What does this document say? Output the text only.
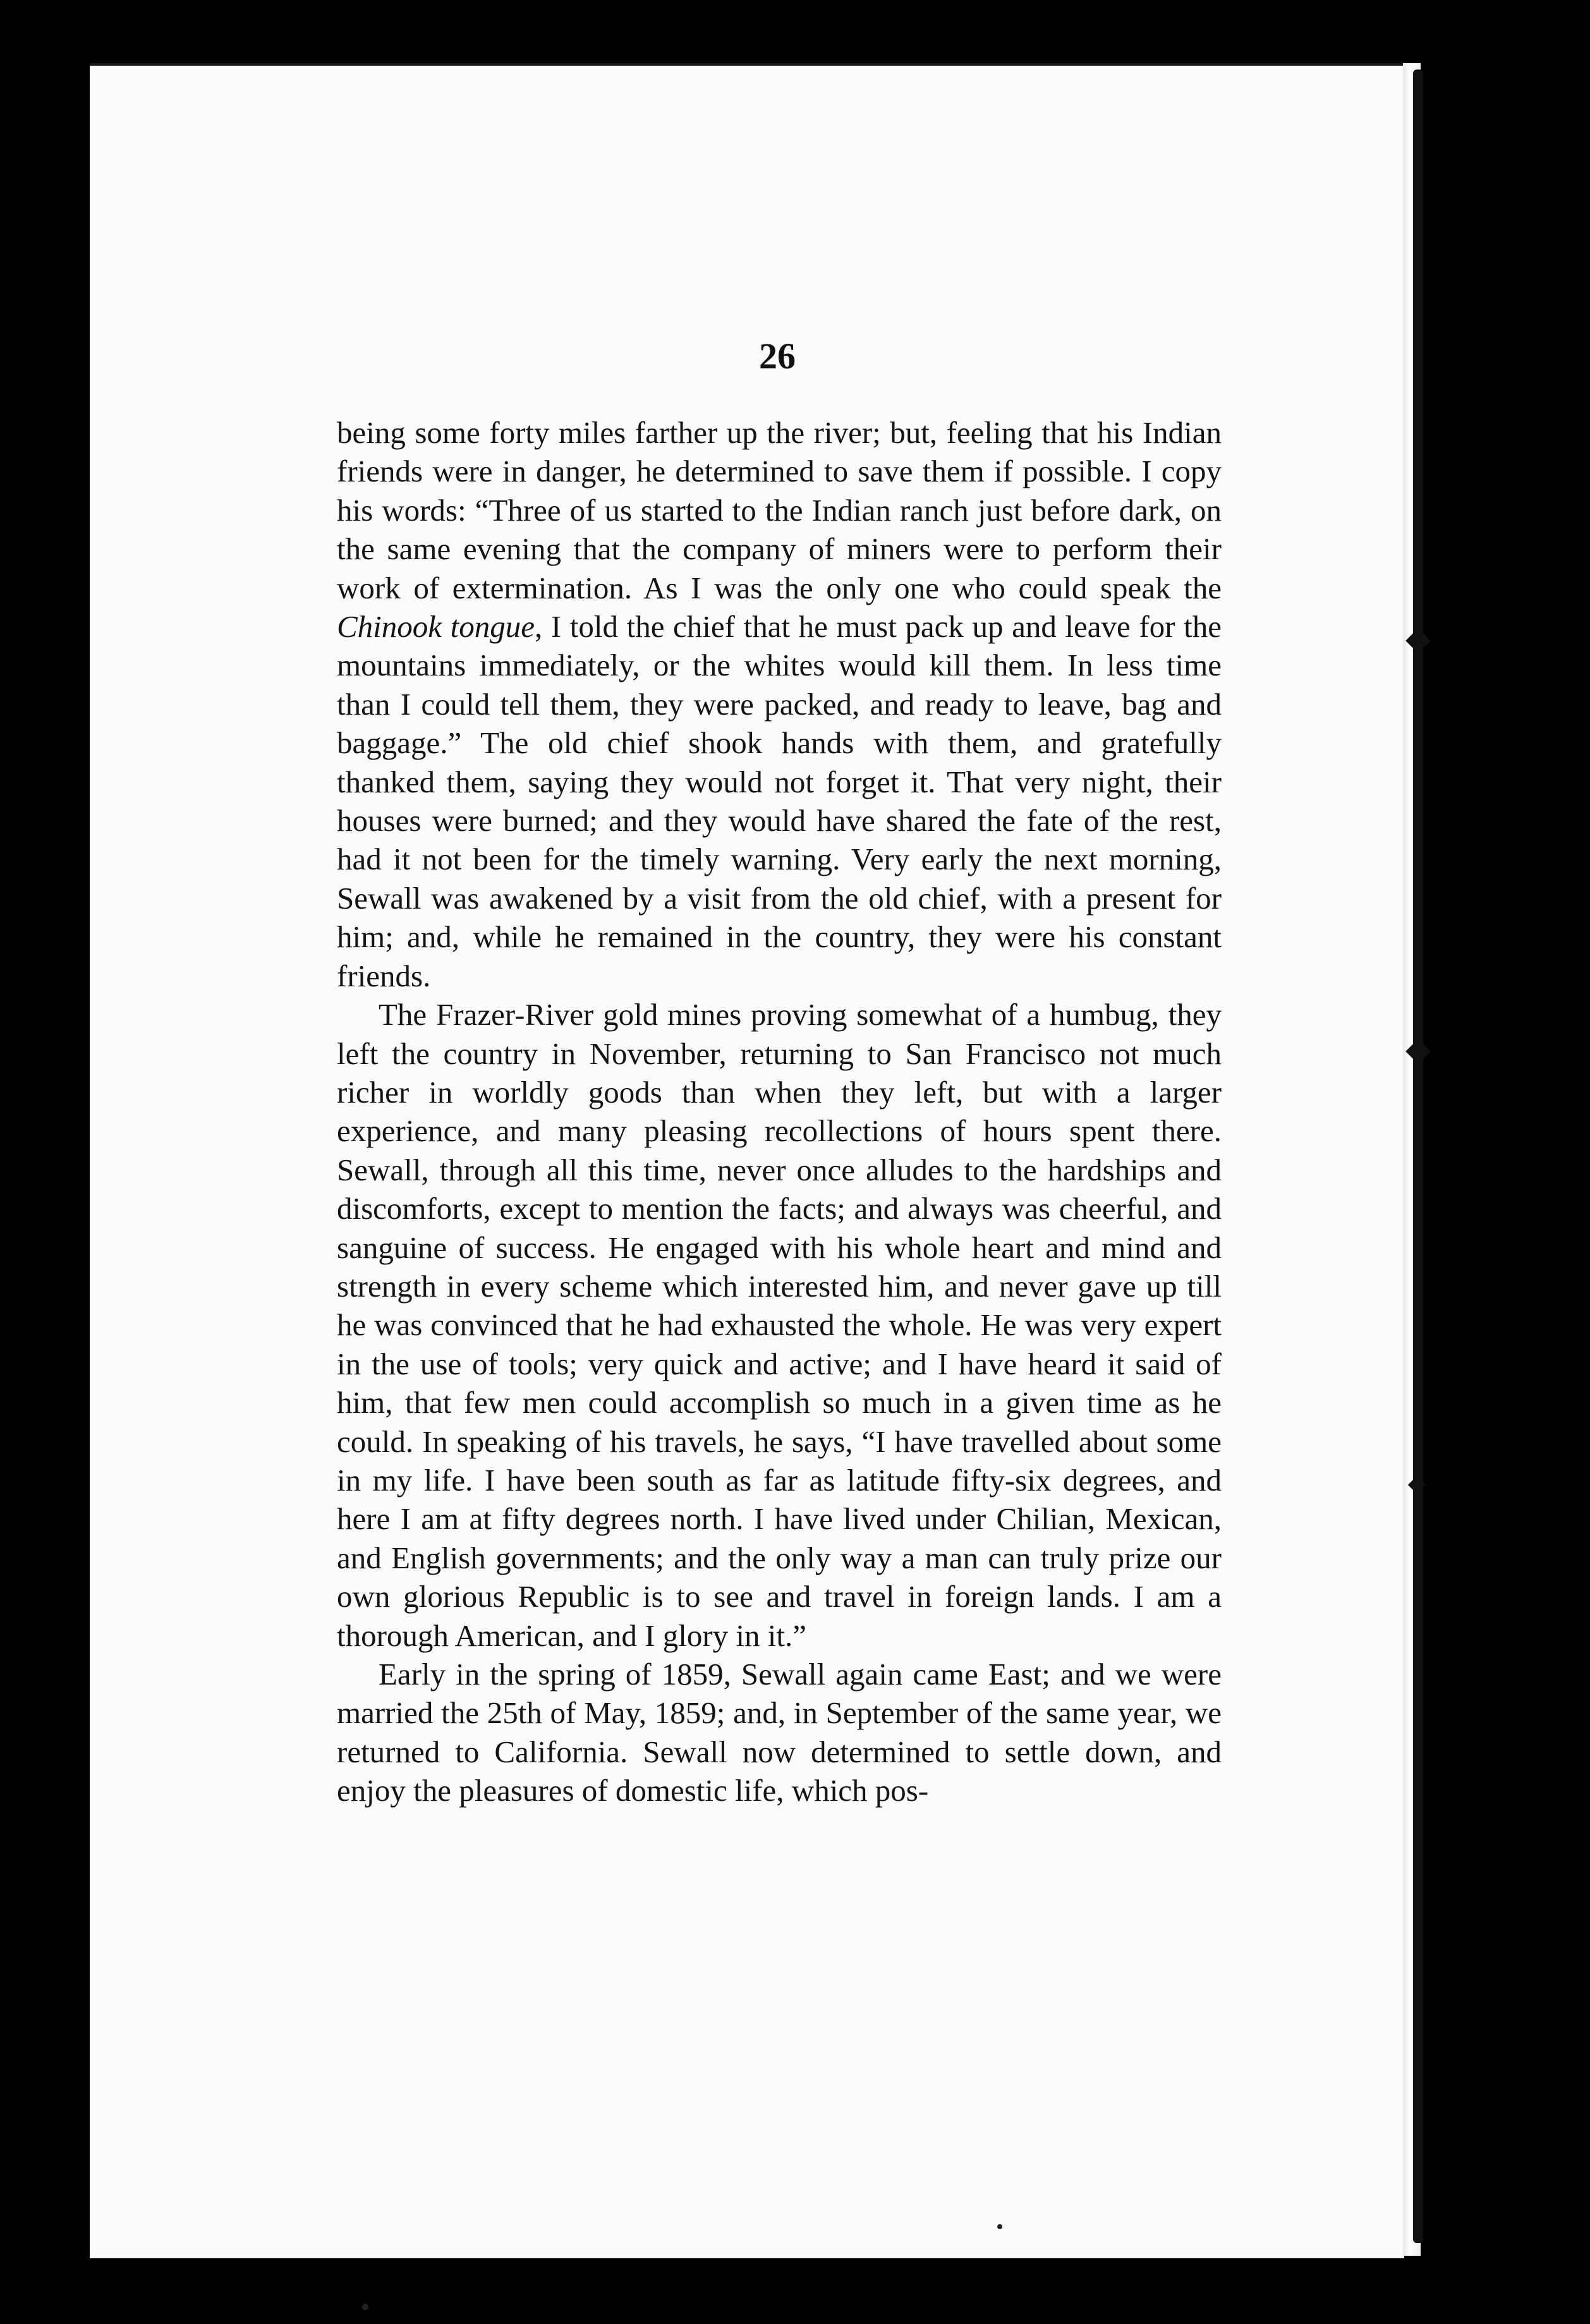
26

being some forty miles farther up the river; but, feeling that his Indian friends were in danger, he determined to save them if possible. I copy his words: “Three of us started to the Indian ranch just before dark, on the same evening that the company of miners were to perform their work of extermination. As I was the only one who could speak the Chinook tongue, I told the chief that he must pack up and leave for the mountains immediately, or the whites would kill them. In less time than I could tell them, they were packed, and ready to leave, bag and baggage.” The old chief shook hands with them, and gratefully thanked them, saying they would not forget it. That very night, their houses were burned; and they would have shared the fate of the rest, had it not been for the timely warning. Very early the next morning, Sewall was awakened by a visit from the old chief, with a present for him; and, while he remained in the country, they were his constant friends.

The Frazer-River gold mines proving somewhat of a humbug, they left the country in November, returning to San Francisco not much richer in worldly goods than when they left, but with a larger experience, and many pleasing recollections of hours spent there. Sewall, through all this time, never once alludes to the hardships and discomforts, except to mention the facts; and always was cheerful, and sanguine of success. He engaged with his whole heart and mind and strength in every scheme which interested him, and never gave up till he was convinced that he had exhausted the whole. He was very expert in the use of tools; very quick and active; and I have heard it said of him, that few men could accomplish so much in a given time as he could. In speaking of his travels, he says, “I have travelled about some in my life. I have been south as far as latitude fifty-six degrees, and here I am at fifty degrees north. I have lived under Chilian, Mexican, and English governments; and the only way a man can truly prize our own glorious Republic is to see and travel in foreign lands. I am a thorough American, and I glory in it.”

Early in the spring of 1859, Sewall again came East; and we were married the 25th of May, 1859; and, in September of the same year, we returned to California. Sewall now determined to settle down, and enjoy the pleasures of domestic life, which pos-
